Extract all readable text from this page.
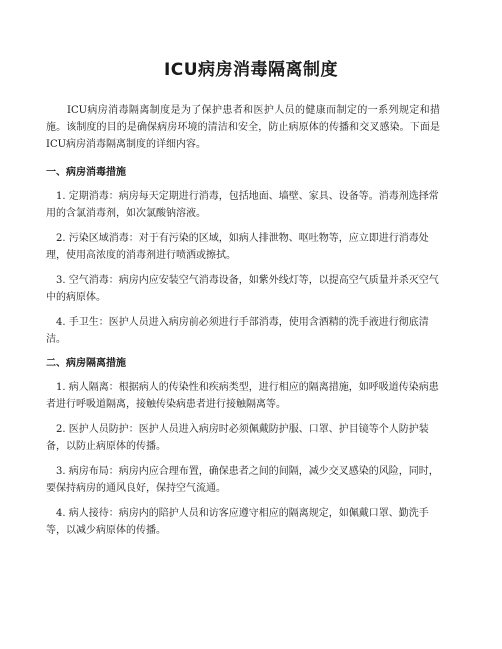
ICU病房消毒隔离制度

ICU病房消毒隔离制度是为了保护患者和医护人员的健康而制定的一系列规定和措施。该制度的目的是确保病房环境的清洁和安全，防止病原体的传播和交叉感染。下面是ICU病房消毒隔离制度的详细内容。

一、病房消毒措施

1. 定期消毒：病房每天定期进行消毒，包括地面、墙壁、家具、设备等。消毒剂选择常用的含氯消毒剂，如次氯酸钠溶液。

2. 污染区域消毒：对于有污染的区域，如病人排泄物、呕吐物等，应立即进行消毒处理，使用高浓度的消毒剂进行喷洒或擦拭。

3. 空气消毒：病房内应安装空气消毒设备，如紫外线灯等，以提高空气质量并杀灭空气中的病原体。

4. 手卫生：医护人员进入病房前必须进行手部消毒，使用含酒精的洗手液进行彻底清洁。

二、病房隔离措施

1. 病人隔离：根据病人的传染性和疾病类型，进行相应的隔离措施，如呼吸道传染病患者进行呼吸道隔离，接触传染病患者进行接触隔离等。

2. 医护人员防护：医护人员进入病房时必须佩戴防护服、口罩、护目镜等个人防护装备，以防止病原体的传播。

3. 病房布局：病房内应合理布置，确保患者之间的间隔，减少交叉感染的风险，同时，要保持病房的通风良好，保持空气流通。

4. 病人接待：病房内的陪护人员和访客应遵守相应的隔离规定，如佩戴口罩、勤洗手等，以减少病原体的传播。
